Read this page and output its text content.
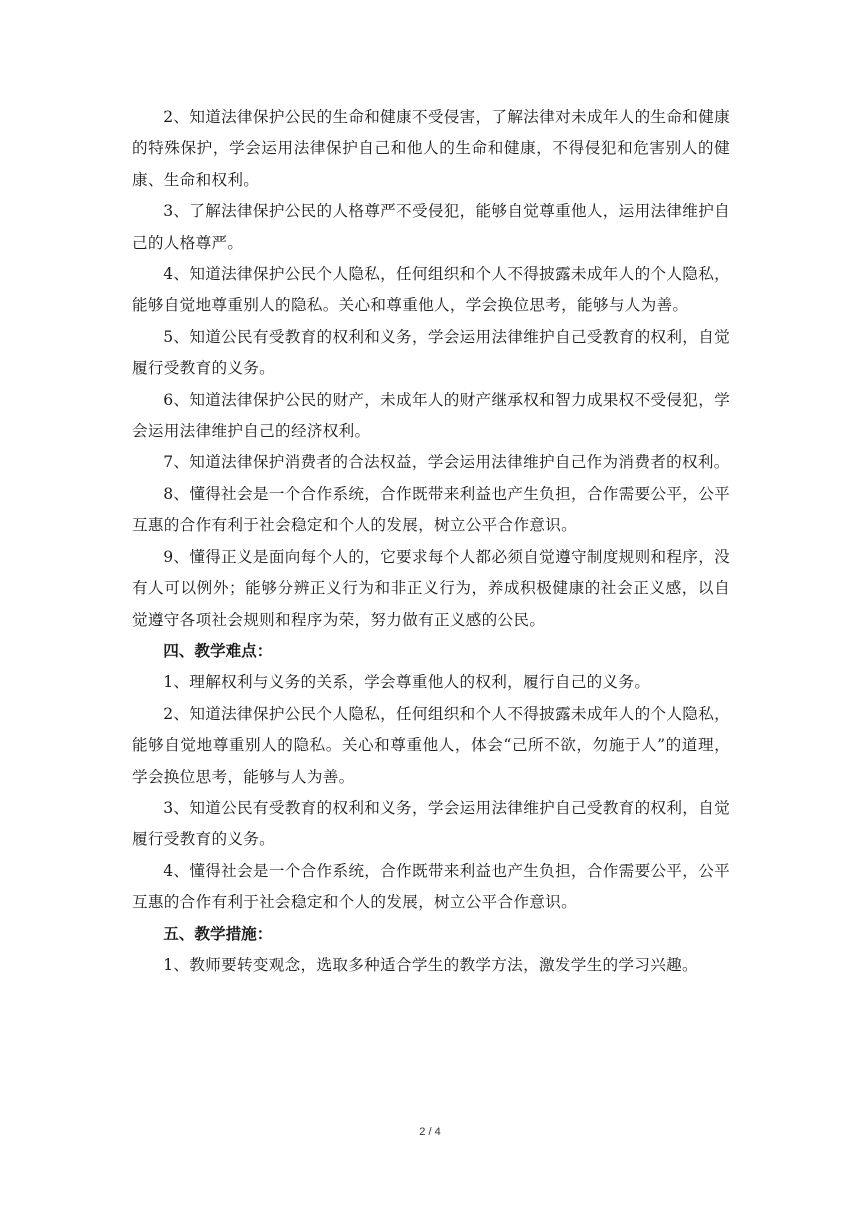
2、知道法律保护公民的生命和健康不受侵害，了解法律对未成年人的生命和健康的特殊保护，学会运用法律保护自己和他人的生命和健康，不得侵犯和危害别人的健康、生命和权利。

3、了解法律保护公民的人格尊严不受侵犯，能够自觉尊重他人，运用法律维护自己的人格尊严。

4、知道法律保护公民个人隐私，任何组织和个人不得披露未成年人的个人隐私，能够自觉地尊重别人的隐私。关心和尊重他人，学会换位思考，能够与人为善。

5、知道公民有受教育的权利和义务，学会运用法律维护自己受教育的权利，自觉履行受教育的义务。

6、知道法律保护公民的财产，未成年人的财产继承权和智力成果权不受侵犯，学会运用法律维护自己的经济权利。

7、知道法律保护消费者的合法权益，学会运用法律维护自己作为消费者的权利。

8、懂得社会是一个合作系统，合作既带来利益也产生负担，合作需要公平，公平互惠的合作有利于社会稳定和个人的发展，树立公平合作意识。

9、懂得正义是面向每个人的，它要求每个人都必须自觉遵守制度规则和程序，没有人可以例外；能够分辨正义行为和非正义行为，养成积极健康的社会正义感，以自觉遵守各项社会规则和程序为荣，努力做有正义感的公民。

四、教学难点：

1、理解权利与义务的关系，学会尊重他人的权利，履行自己的义务。

2、知道法律保护公民个人隐私，任何组织和个人不得披露未成年人的个人隐私，能够自觉地尊重别人的隐私。关心和尊重他人，体会“己所不欲，勿施于人”的道理，学会换位思考，能够与人为善。

3、知道公民有受教育的权利和义务，学会运用法律维护自己受教育的权利，自觉履行受教育的义务。

4、懂得社会是一个合作系统，合作既带来利益也产生负担，合作需要公平，公平互惠的合作有利于社会稳定和个人的发展，树立公平合作意识。

五、教学措施：

1、教师要转变观念，选取多种适合学生的教学方法，激发学生的学习兴趣。

2 / 4
